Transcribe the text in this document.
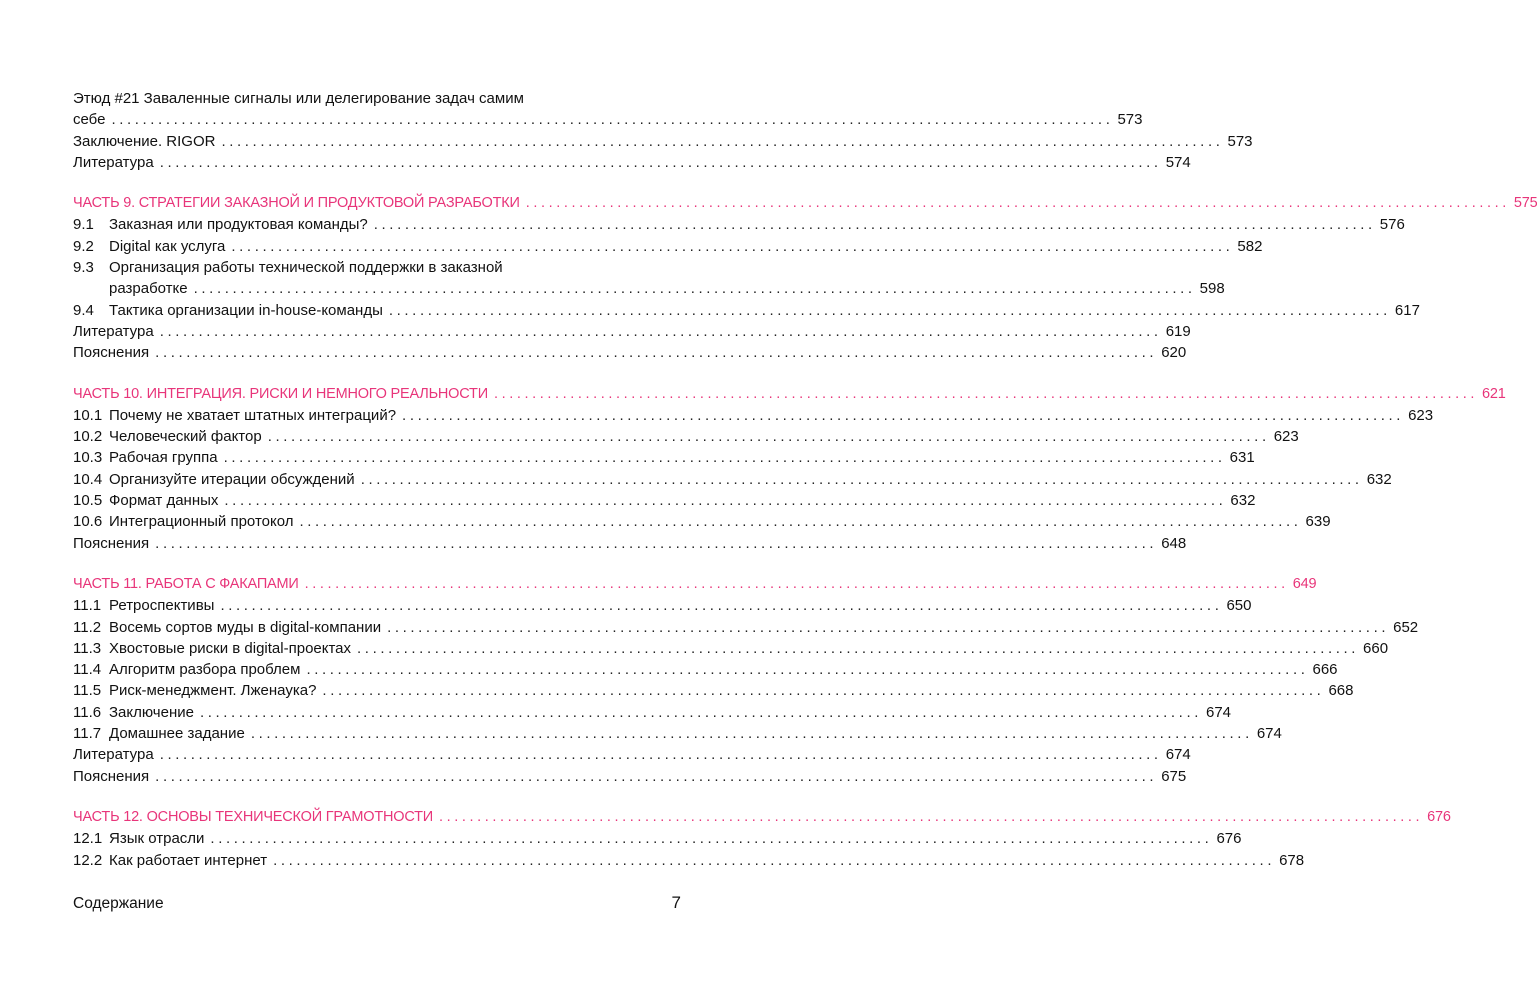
Этюд #21 Заваленные сигналы или делегирование задач самим
себе ................................................................................................................................. 573
Заключение. RIGOR ................................................................................................................................. 573
Литература ................................................................................................................................. 574
ЧАСТЬ 9. СТРАТЕГИИ ЗАКАЗНОЙ И ПРОДУКТОВОЙ РАЗРАБОТКИ ................................................................................................................................. 575
9.1	Заказная или продуктовая команды? ................................................................................................................................. 576
9.2	Digital как услуга ................................................................................................................................. 582
9.3	Организация работы технической поддержки в заказной
разработке ................................................................................................................................. 598
9.4	Тактика организации in-house-команды ................................................................................................................................. 617
Литература ................................................................................................................................. 619
Пояснения ................................................................................................................................. 620
ЧАСТЬ 10. ИНТЕГРАЦИЯ. РИСКИ И НЕМНОГО РЕАЛЬНОСТИ ................................................................................................................................. 621
10.1 Почему не хватает штатных интеграций? ................................................................................................................................. 623
10.2 Человеческий фактор ................................................................................................................................. 623
10.3 Рабочая группа ................................................................................................................................. 631
10.4 Организуйте итерации обсуждений ................................................................................................................................. 632
10.5 Формат данных ................................................................................................................................. 632
10.6 Интеграционный протокол ................................................................................................................................. 639
Пояснения ................................................................................................................................. 648
ЧАСТЬ 11. РАБОТА С ФАКАПАМИ ................................................................................................................................. 649
11.1 Ретроспективы ................................................................................................................................. 650
11.2 Восемь сортов муды в digital-компании ................................................................................................................................. 652
11.3 Хвостовые риски в digital-проектах ................................................................................................................................. 660
11.4 Алгоритм разбора проблем ................................................................................................................................. 666
11.5 Риск-менеджмент. Лженаука? ................................................................................................................................. 668
11.6 Заключение ................................................................................................................................. 674
11.7 Домашнее задание ................................................................................................................................. 674
Литература ................................................................................................................................. 674
Пояснения ................................................................................................................................. 675
ЧАСТЬ 12. ОСНОВЫ ТЕХНИЧЕСКОЙ ГРАМОТНОСТИ ................................................................................................................................. 676
12.1 Язык отрасли ................................................................................................................................. 676
12.2 Как работает интернет ................................................................................................................................. 678
Содержание	7
